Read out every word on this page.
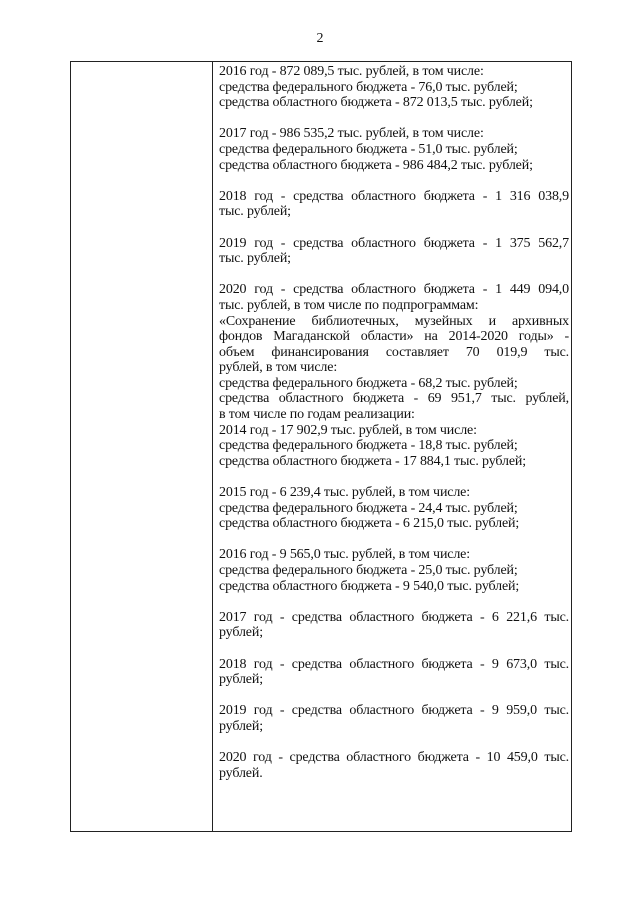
2
2016 год - 872 089,5 тыс. рублей, в том числе:
средства федерального бюджета - 76,0 тыс. рублей;
средства областного бюджета - 872 013,5 тыс. рублей;
2017 год - 986 535,2 тыс. рублей, в том числе:
средства федерального бюджета - 51,0 тыс. рублей;
средства областного бюджета - 986 484,2 тыс. рублей;
2018 год - средства областного бюджета - 1 316 038,9
тыс. рублей;
2019 год - средства областного бюджета - 1 375 562,7
тыс. рублей;
2020 год - средства областного бюджета - 1 449 094,0
тыс. рублей, в том числе по подпрограммам:
«Сохранение библиотечных, музейных и архивных
фондов Магаданской области» на 2014-2020 годы» -
объем финансирования составляет 70 019,9 тыс.
рублей, в том числе:
средства федерального бюджета - 68,2 тыс. рублей;
средства областного бюджета - 69 951,7 тыс. рублей,
в том числе по годам реализации:
2014 год - 17 902,9 тыс. рублей, в том числе:
средства федерального бюджета - 18,8 тыс. рублей;
средства областного бюджета - 17 884,1 тыс. рублей;
2015 год - 6 239,4 тыс. рублей, в том числе:
средства федерального бюджета - 24,4 тыс. рублей;
средства областного бюджета - 6 215,0 тыс. рублей;
2016 год - 9 565,0 тыс. рублей, в том числе:
средства федерального бюджета - 25,0 тыс. рублей;
средства областного бюджета - 9 540,0 тыс. рублей;
2017 год - средства областного бюджета - 6 221,6 тыс.
рублей;
2018 год - средства областного бюджета - 9 673,0 тыс.
рублей;
2019 год - средства областного бюджета - 9 959,0 тыс.
рублей;
2020 год - средства областного бюджета - 10 459,0 тыс.
рублей.
